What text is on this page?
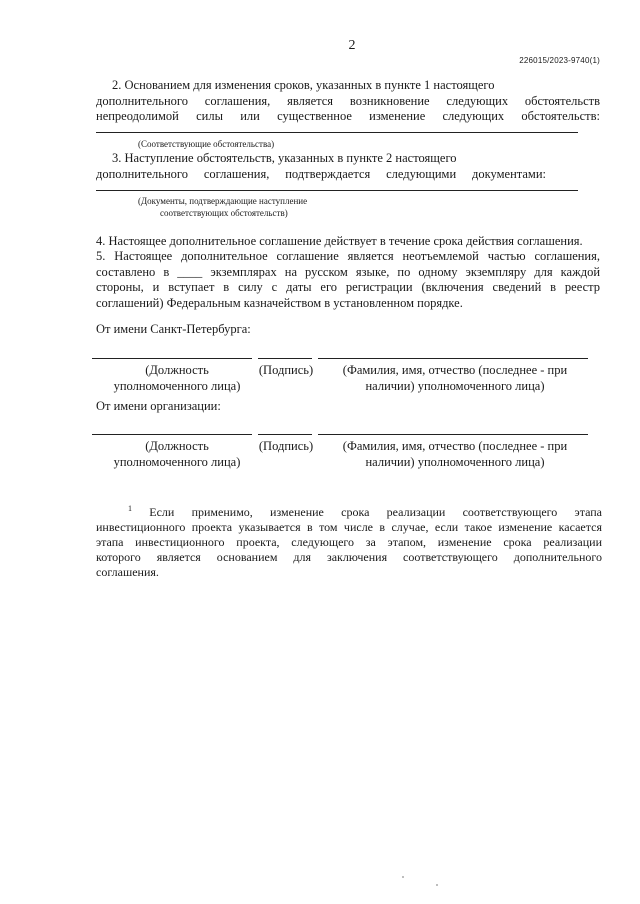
2
226015/2023-9740(1)
2. Основанием для изменения сроков, указанных в пункте 1 настоящего
дополнительного соглашения, является возникновение следующих обстоятельств
непреодолимой силы или существенное изменение следующих обстоятельств:
(Соответствующие обстоятельства)
3. Наступление обстоятельств, указанных в пункте 2 настоящего
дополнительного соглашения, подтверждается следующими документами:
(Документы, подтверждающие наступление
соответствующих обстоятельств)
4. Настоящее дополнительное соглашение действует в течение срока действия соглашения.
5. Настоящее дополнительное соглашение является неотъемлемой частью соглашения,
составлено в ____ экземплярах на русском языке, по одному экземпляру для каждой
стороны, и вступает в силу с даты его регистрации (включения сведений в реестр
соглашений) Федеральным казначейством в установленном порядке.
От имени Санкт-Петербурга:
(Должность
уполномоченного лица)
(Подпись)	(Фамилия, имя, отчество (последнее - при
наличии) уполномоченного лица)
От имени организации:
(Должность
уполномоченного лица)
(Подпись)	(Фамилия, имя, отчество (последнее - при
наличии) уполномоченного лица)
$^1$ Если применимо, изменение срока реализации соответствующего этапа
инвестиционного проекта указывается в том числе в случае, если такое изменение касается
этапа инвестиционного проекта, следующего за этапом, изменение срока реализации
которого является основанием для заключения соответствующего дополнительного
соглашения.
